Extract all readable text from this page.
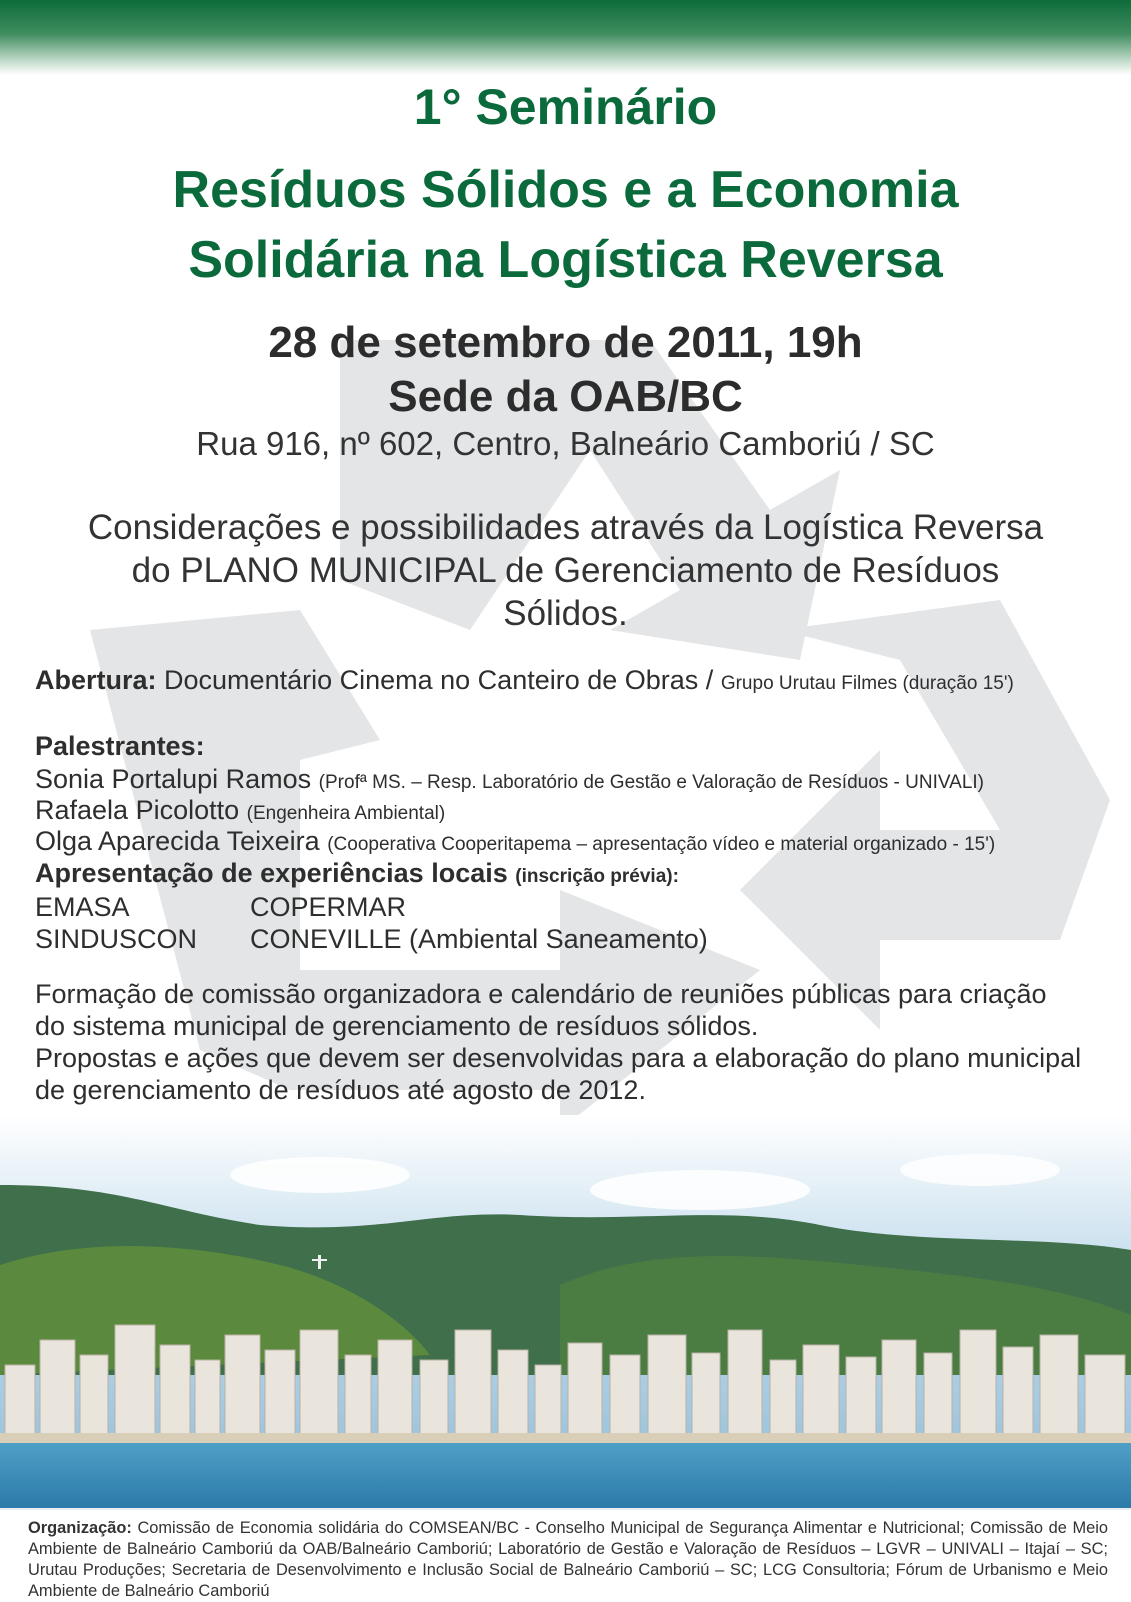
1° Seminário

Resíduos Sólidos e a Economia

Solidária na Logística Reversa

28 de setembro de 2011, 19h

Sede da OAB/BC

Rua 916, nº 602, Centro, Balneário Camboriú / SC

Considerações e possibilidades através da Logística Reversa
do PLANO MUNICIPAL de Gerenciamento de Resíduos
Sólidos.

Abertura: Documentário Cinema no Canteiro de Obras / Grupo Urutau Filmes (duração 15')

Palestrantes:

Sonia Portalupi Ramos (Profª MS. – Resp. Laboratório de Gestão e Valoração de Resíduos - UNIVALI)

Rafaela Picolotto (Engenheira Ambiental)

Olga Aparecida Teixeira (Cooperativa Cooperitapema – apresentação vídeo e material organizado - 15')

Apresentação de experiências locais (inscrição prévia):

EMASA	COPERMAR
SINDUSCON CONEVILLE (Ambiental Saneamento)
Formação de comissão organizadora e calendário de reuniões públicas para criação
do sistema municipal de gerenciamento de resíduos sólidos.
Propostas e ações que devem ser desenvolvidas para a elaboração do plano municipal
de gerenciamento de resíduos até agosto de 2012.

Organização: Comissão de Economia solidária do COMSEAN/BC - Conselho Municipal de Segurança Alimentar e Nutricional; Comissão de Meio Ambiente de Balneário Camboriú da OAB/Balneário Camboriú; Laboratório de Gestão e Valoração de Resíduos – LGVR – UNIVALI – Itajaí – SC; Urutau Produções; Secretaria de Desenvolvimento e Inclusão Social de Balneário Camboriú – SC; LCG Consultoria; Fórum de Urbanismo e Meio Ambiente de Balneário Camboriú
